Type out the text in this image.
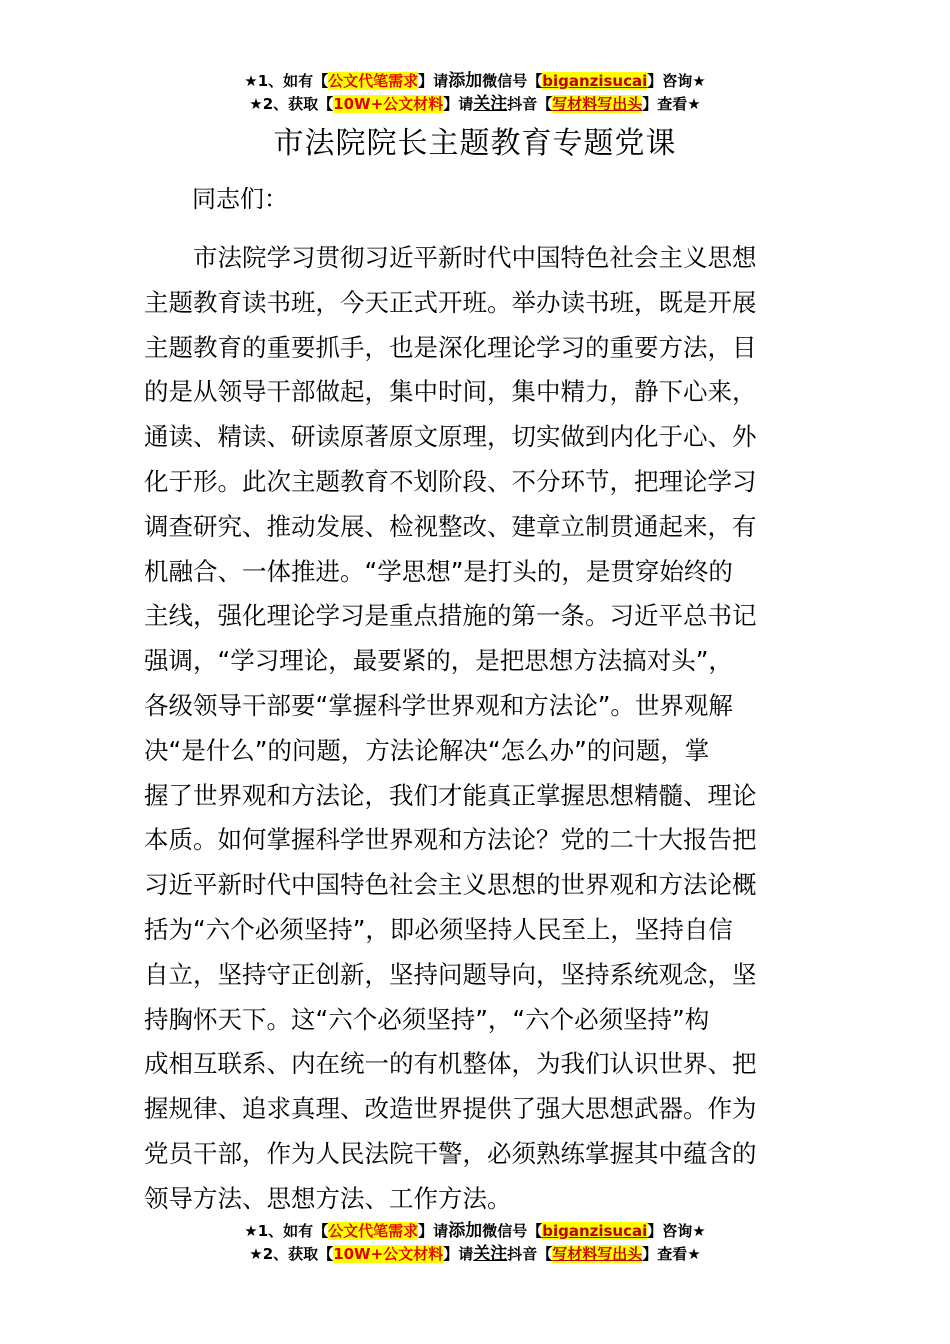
★1、如有【公文代笔需求】请添加微信号【biganzisucai】咨询★
★2、获取【10W+公文材料】请关注抖音【写材料写出头】查看★
市法院院长主题教育专题党课
同志们：
市法院学习贯彻习近平新时代中国特色社会主义思想
主题教育读书班，今天正式开班。举办读书班，既是开展
主题教育的重要抓手，也是深化理论学习的重要方法，目
的是从领导干部做起，集中时间，集中精力，静下心来，
通读、精读、研读原著原文原理，切实做到内化于心、外
化于形。此次主题教育不划阶段、不分环节，把理论学习
调查研究、推动发展、检视整改、建章立制贯通起来，有
机融合、一体推进。“学思想”是打头的，是贯穿始终的
主线，强化理论学习是重点措施的第一条。习近平总书记
强调，“学习理论，最要紧的，是把思想方法搞对头”，
各级领导干部要“掌握科学世界观和方法论”。世界观解
决“是什么”的问题，方法论解决“怎么办”的问题，掌
握了世界观和方法论，我们才能真正掌握思想精髓、理论
本质。如何掌握科学世界观和方法论？党的二十大报告把
习近平新时代中国特色社会主义思想的世界观和方法论概
括为“六个必须坚持”，即必须坚持人民至上，坚持自信
自立，坚持守正创新，坚持问题导向，坚持系统观念，坚
持胸怀天下。这“六个必须坚持”，“六个必须坚持”构
成相互联系、内在统一的有机整体，为我们认识世界、把
握规律、追求真理、改造世界提供了强大思想武器。作为
党员干部，作为人民法院干警，必须熟练掌握其中蕴含的
领导方法、思想方法、工作方法。
★1、如有【公文代笔需求】请添加微信号【biganzisucai】咨询★
★2、获取【10W+公文材料】请关注抖音【写材料写出头】查看★
